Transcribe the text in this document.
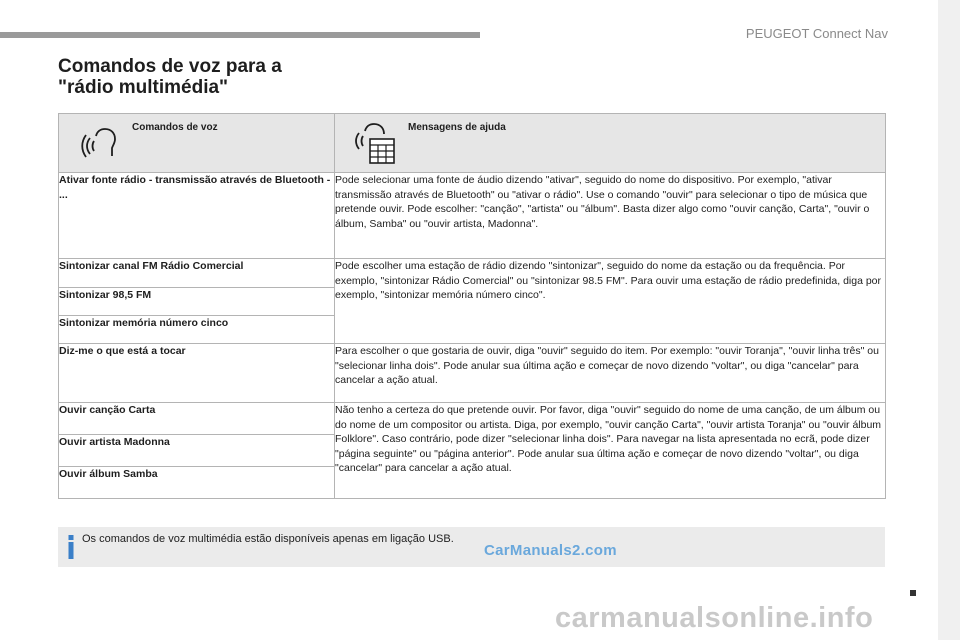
PEUGEOT Connect Nav
Comandos de voz para a
"rádio multimédia"
Comandos de voz	Mensagens de ajuda

Ativar fonte rádio - transmissão através de Bluetooth - ...	Pode selecionar uma fonte de áudio dizendo "ativar", seguido do nome do dispositivo. Por exemplo, "ativar transmissão através de Bluetooth" ou "ativar o rádio". Use o comando "ouvir" para selecionar o tipo de música que pretende ouvir. Pode escolher: "canção", "artista" ou "álbum". Basta dizer algo como "ouvir canção, Carta", "ouvir o álbum, Samba" ou "ouvir artista, Madonna".
Sintonizar canal FM Rádio Comercial	Pode escolher uma estação de rádio dizendo "sintonizar", seguido do nome da estação ou da frequência. Por exemplo, "sintonizar Rádio Comercial" ou "sintonizar 98.5 FM". Para ouvir uma estação de rádio predefinida, diga por exemplo, "sintonizar memória número cinco".
Sintonizar 98,5 FM	
Sintonizar memória número cinco	
Diz-me o que está a tocar	Para escolher o que gostaria de ouvir, diga "ouvir" seguido do item. Por exemplo: "ouvir Toranja", "ouvir linha três" ou "selecionar linha dois". Pode anular sua última ação e começar de novo dizendo "voltar", ou diga "cancelar" para cancelar a ação atual.
Ouvir canção Carta	Não tenho a certeza do que pretende ouvir. Por favor, diga "ouvir" seguido do nome de uma canção, de um álbum ou do nome de um compositor ou artista. Diga, por exemplo, "ouvir canção Carta", "ouvir artista Toranja" ou "ouvir álbum Folklore". Caso contrário, pode dizer "selecionar linha dois". Para navegar na lista apresentada no ecrã, pode dizer "página seguinte" ou "página anterior". Pode anular sua última ação e começar de novo dizendo "voltar", ou diga "cancelar" para cancelar a ação atual.
Ouvir artista Madonna	
Ouvir álbum Samba	
Os comandos de voz multimédia estão disponíveis apenas em ligação USB.
CarManuals2.com
carmanualsonline.info
